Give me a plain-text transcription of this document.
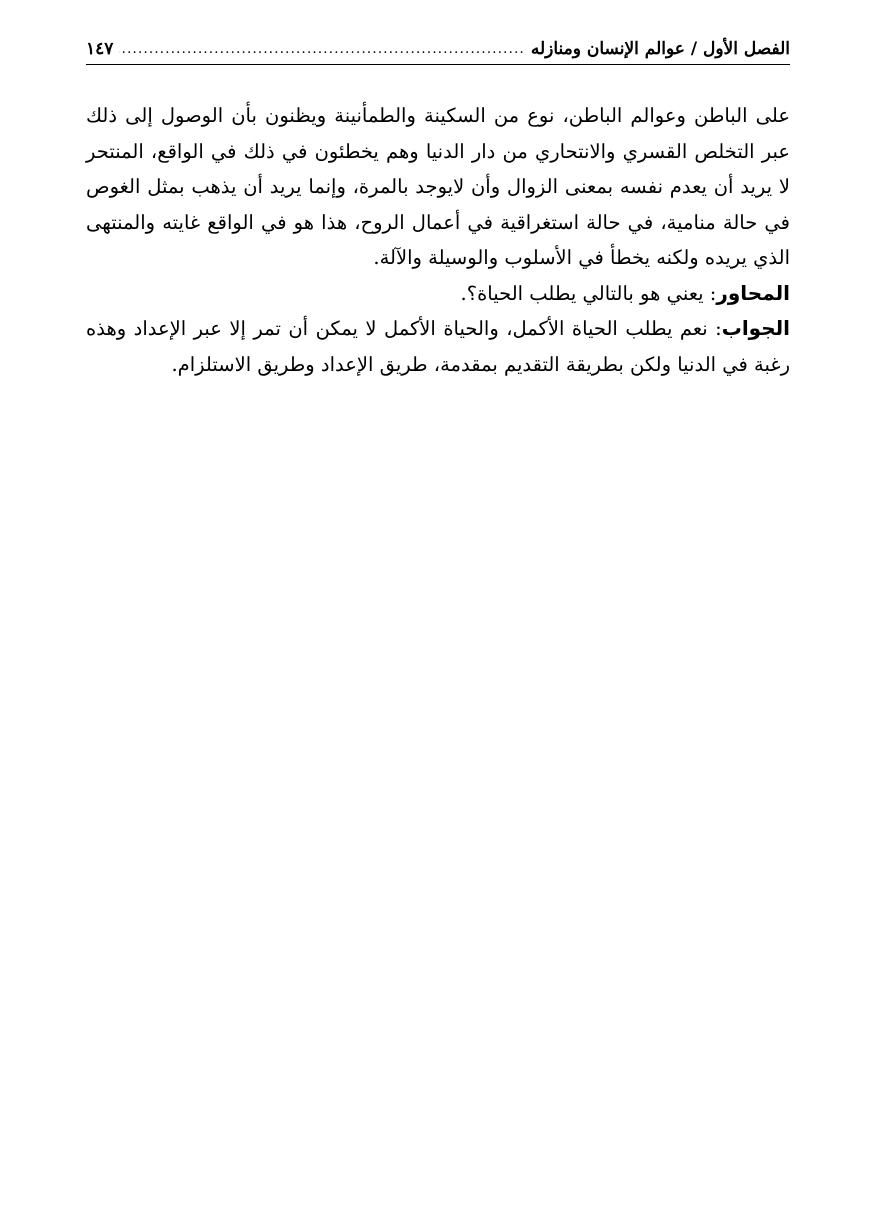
الفصل الأول / عوالم الإنسان ومنازله
.....
١٤٧

على الباطن وعوالم الباطن، نوع من السكينة والطمأنينة ويظنون بأن الوصول إلى ذلك عبر التخلص القسري والانتحاري من دار الدنيا وهم يخطئون في ذلك في الواقع، المنتحر لا يريد أن يعدم نفسه بمعنى الزوال وأن لايوجد بالمرة، وإنما يريد أن يذهب بمثل الغوص في حالة منامية، في حالة استغراقية في أعمال الروح، هذا هو في الواقع غايته والمنتهى الذي يريده ولكنه يخطأ في الأسلوب والوسيلة والآلة.

المحاور: يعني هو بالتالي يطلب الحياة؟.

الجواب: نعم يطلب الحياة الأكمل، والحياة الأكمل لا يمكن أن تمر إلا عبر الإعداد وهذه رغبة في الدنيا ولكن بطريقة التقديم بمقدمة، طريق الإعداد وطريق الاستلزام.
